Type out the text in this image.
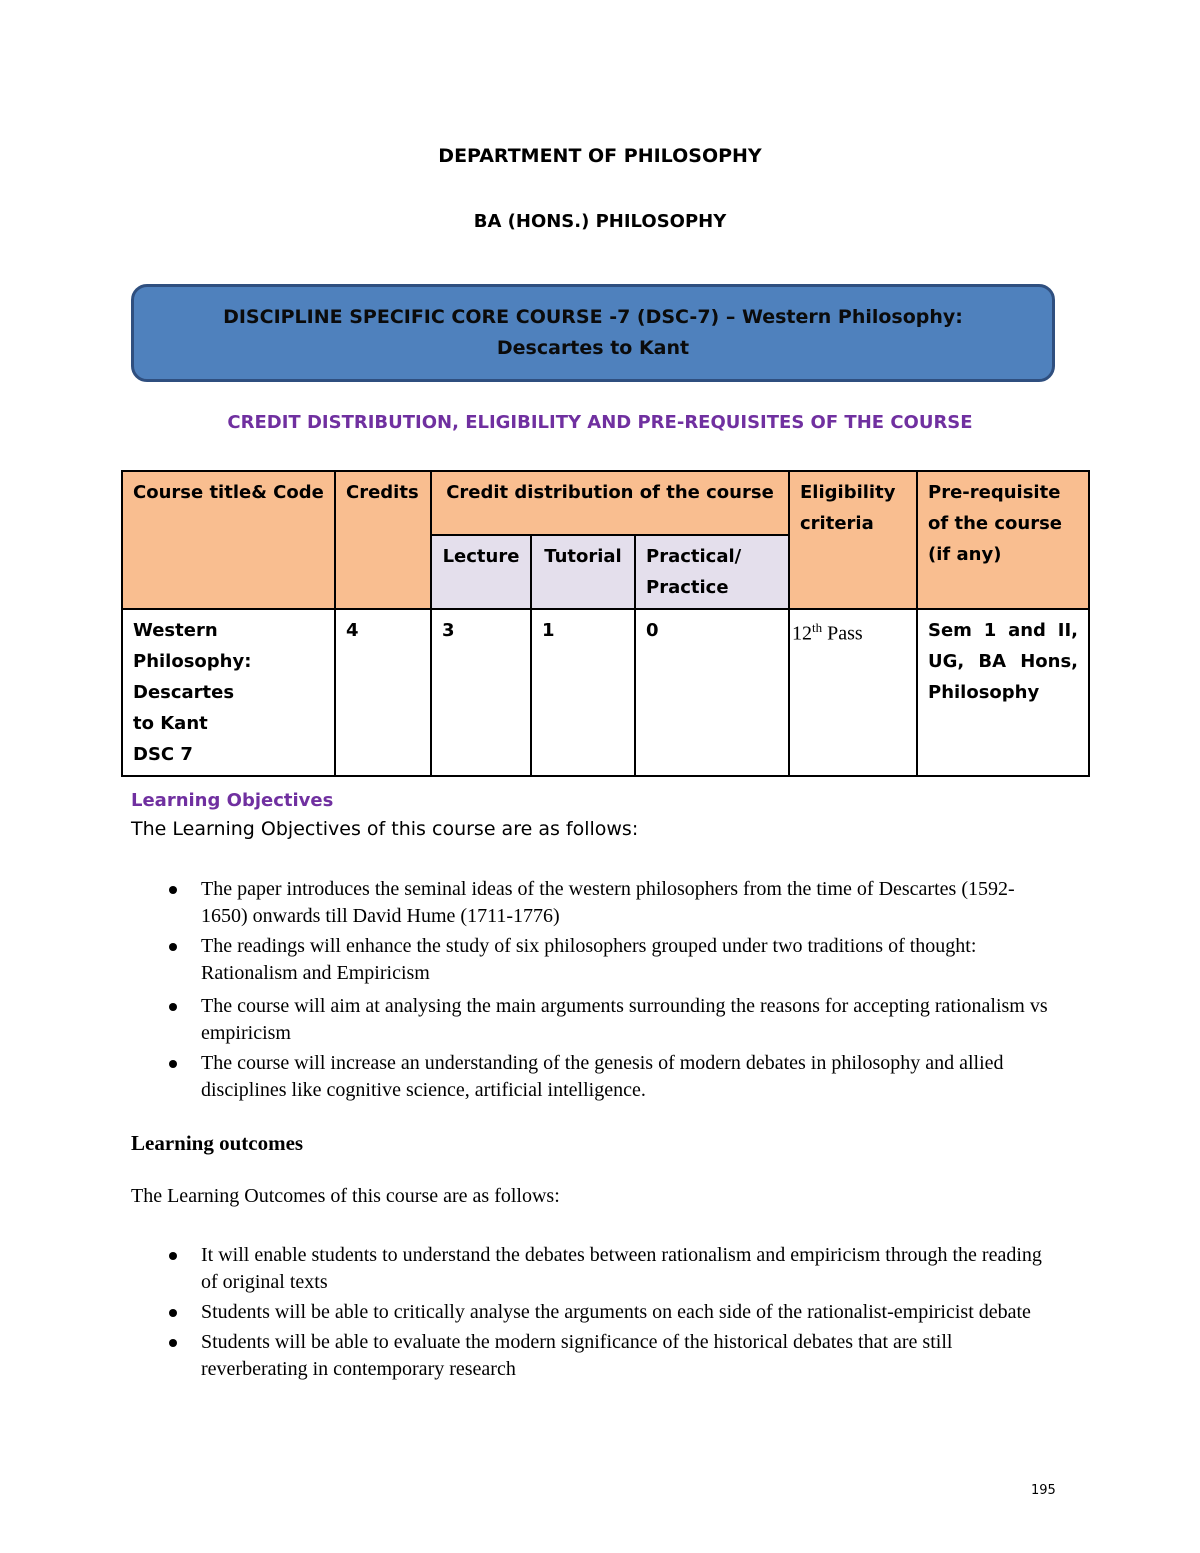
DEPARTMENT OF PHILOSOPHY
BA (HONS.) PHILOSOPHY
DISCIPLINE SPECIFIC CORE COURSE -7 (DSC-7) – Western Philosophy: Descartes to Kant
CREDIT DISTRIBUTION, ELIGIBILITY AND PRE-REQUISITES OF THE COURSE
Course title& Code	Credits	Credit distribution of the course			Eligibility criteria	Pre-requisite of the course (if any)
		Lecture	Tutorial	Practical/ Practice		

Western Philosophy: Descartes
to Kant
DSC 7	4	3	1	0	12th Pass	Sem 1 and II, UG, BA Hons, Philosophy
Learning Objectives
The Learning Objectives of this course are as follows:
The paper introduces the seminal ideas of the western philosophers from the time of Descartes (1592-1650) onwards till David Hume (1711-1776)
The readings will enhance the study of six philosophers grouped under two traditions of thought: Rationalism and Empiricism
The course will aim at analysing the main arguments surrounding the reasons for accepting rationalism vs empiricism
The course will increase an understanding of the genesis of modern debates in philosophy and allied disciplines like cognitive science, artificial intelligence.
Learning outcomes
The Learning Outcomes of this course are as follows:
It will enable students to understand the debates between rationalism and empiricism through the reading of original texts
Students will be able to critically analyse the arguments on each side of the rationalist-empiricist debate
Students will be able to evaluate the modern significance of the historical debates that are still reverberating in contemporary research
195
